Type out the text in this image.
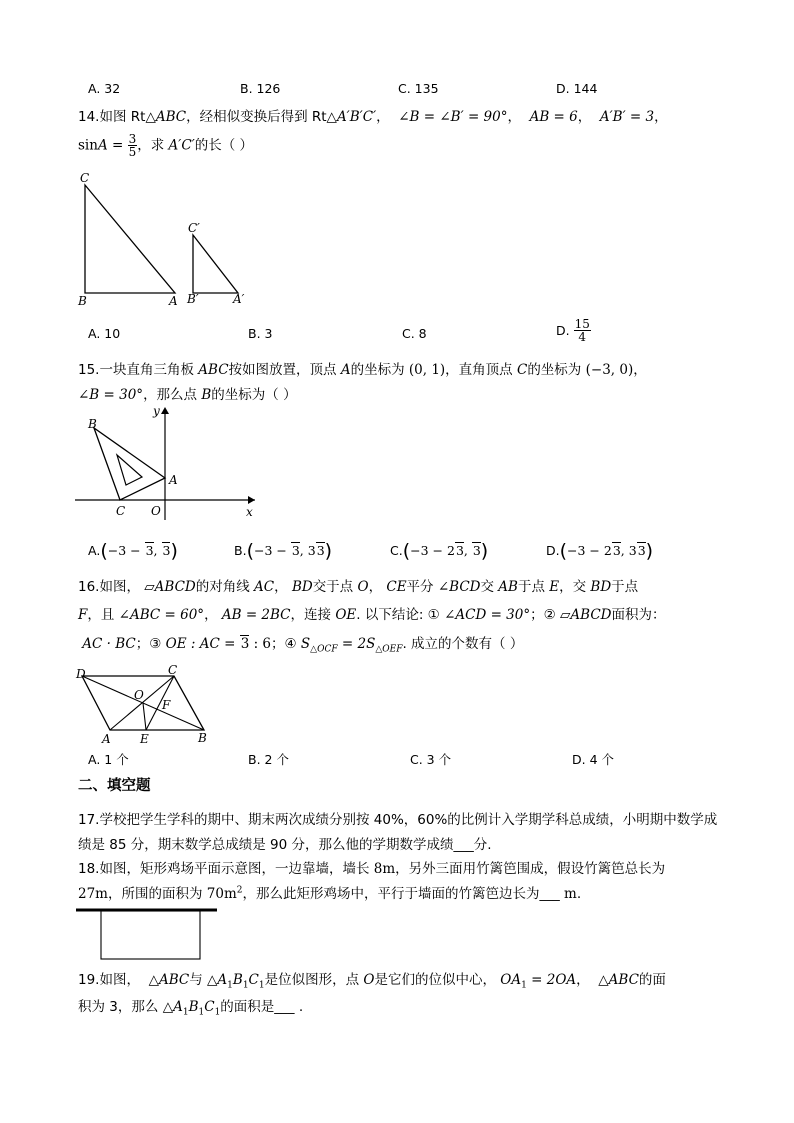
A. 32	B. 126	C. 135	D. 144
14.如图 Rt△ABC，经相似变换后得到 Rt△A′B′C′， ∠B = ∠B′ = 90°， AB = 6， A′B′ = 3，
$\sin A = \frac{3}{5}$ ，求 A′C′的长（ ）
C
B	A
C′
B′	A′
A. 10	B. 3	C. 8	D. $\frac{15}{4}$
15.一块直角三角板 ABC按如图放置，顶点 A的坐标为 (0, 1)，直角顶点 C的坐标为 (−3, 0)，
∠B = 30°，那么点 B的坐标为（ ）
B
C O
A
x
y
A.(−3 − 3, 3)	B.(−3 − 3, 33)	C.(−3 − 23, 3)	D.(−3 − 23, 33)
16.如图， ▱ABCD的对角线 AC， BD交于点 O， CE平分 ∠BCD交 AB于点 E，交 BD于点
F，且 ∠ABC = 60°， AB = 2BC，连接 OE. 以下结论: ① ∠ACD = 30°；② ▱ABCD面积为：
AC · BC；③ OE : AC = 3 : 6；④ $S_{\triangle OCF} = 2S_{\triangle OEF}$. 成立的个数有（ ）
D	C
O
F
A E	B
A. 1 个	B. 2 个	C. 3 个	D. 4 个
二、填空题
17.学校把学生学科的期中、期末两次成绩分别按 40%，60%的比例计入学期学科总成绩，小明期中数学成
绩是 85 分，期末数学总成绩是 90 分，那么他的学期数学成绩___分.
18.如图，矩形鸡场平面示意图，一边靠墙，墙长 8m，另外三面用竹篱笆围成，假设竹篱笆总长为
27m，所围的面积为 $70m^2$，那么此矩形鸡场中，平行于墙面的竹篱笆边长为___ m.
19.如图， △ABC与 $\triangle A_1B_1C_1$是位似图形，点 O是它们的位似中心， $OA_1 = 2OA$， △ABC的面
积为 3，那么 $\triangle A_1B_1C_1$的面积是___ .
